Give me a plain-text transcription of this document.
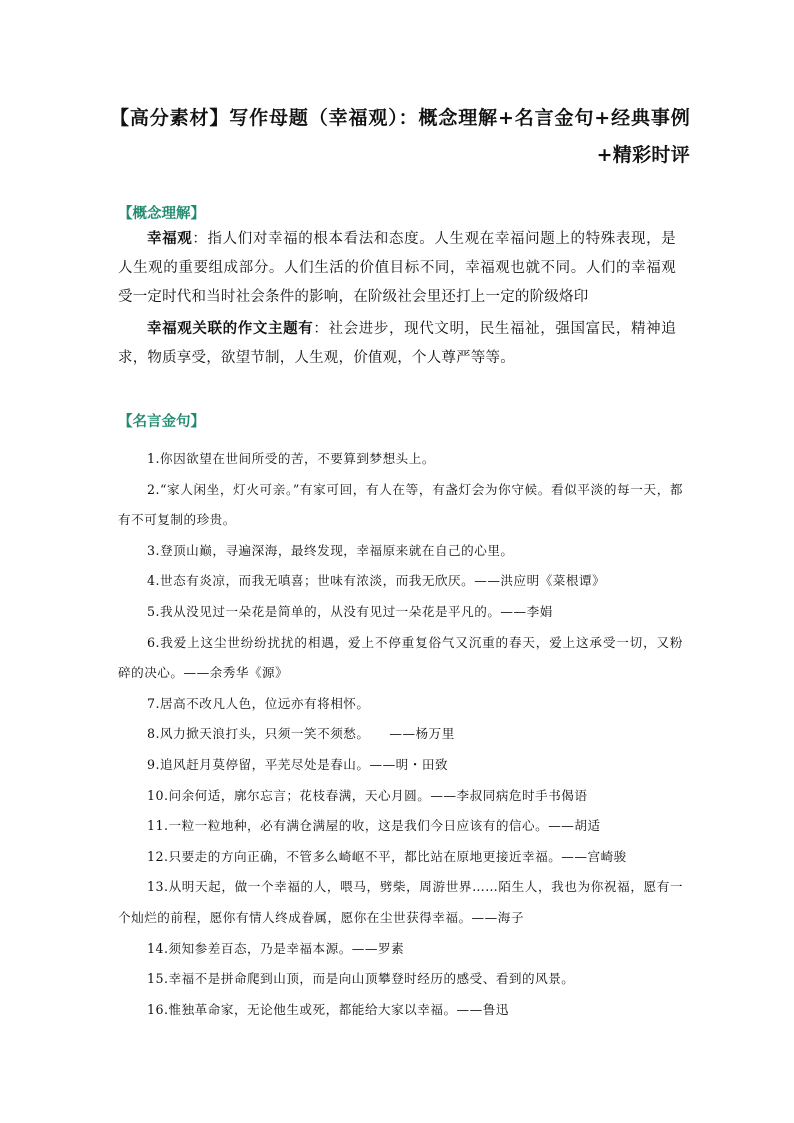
【高分素材】写作母题（幸福观）：概念理解+名言金句+经典事例+精彩时评
【概念理解】
幸福观：指人们对幸福的根本看法和态度。人生观在幸福问题上的特殊表现，是人生观的重要组成部分。人们生活的价值目标不同，幸福观也就不同。人们的幸福观受一定时代和当时社会条件的影响，在阶级社会里还打上一定的阶级烙印
幸福观关联的作文主题有：社会进步，现代文明，民生福祉，强国富民，精神追求，物质享受，欲望节制，人生观，价值观，个人尊严等等。
【名言金句】
1.你因欲望在世间所受的苦，不要算到梦想头上。
2.“家人闲坐，灯火可亲。”有家可回，有人在等，有盏灯会为你守候。看似平淡的每一天，都有不可复制的珍贵。
3.登顶山巅，寻遍深海，最终发现，幸福原来就在自己的心里。
4.世态有炎凉，而我无嗔喜；世味有浓淡，而我无欣厌。——洪应明《菜根谭》
5.我从没见过一朵花是简单的，从没有见过一朵花是平凡的。——李娟
6.我爱上这尘世纷纷扰扰的相遇，爱上不停重复俗气又沉重的春天，爱上这承受一切，又粉碎的决心。——余秀华《源》
7.居高不改凡人色，位远亦有将相怀。
8.风力掀天浪打头，只须一笑不须愁。　　——杨万里
9.追风赶月莫停留，平芜尽处是春山。——明・田致
10.问余何适，廓尔忘言；花枝春满，天心月圆。——李叔同病危时手书偈语
11.一粒一粒地种，必有满仓满屋的收，这是我们今日应该有的信心。——胡适
12.只要走的方向正确，不管多么崎岖不平，都比站在原地更接近幸福。——宫崎骏
13.从明天起，做一个幸福的人，喂马，劈柴，周游世界……陌生人，我也为你祝福，愿有一个灿烂的前程，愿你有情人终成眷属，愿你在尘世获得幸福。——海子
14.须知参差百态，乃是幸福本源。——罗素
15.幸福不是拼命爬到山顶，而是向山顶攀登时经历的感受、看到的风景。
16.惟独革命家，无论他生或死，都能给大家以幸福。——鲁迅
